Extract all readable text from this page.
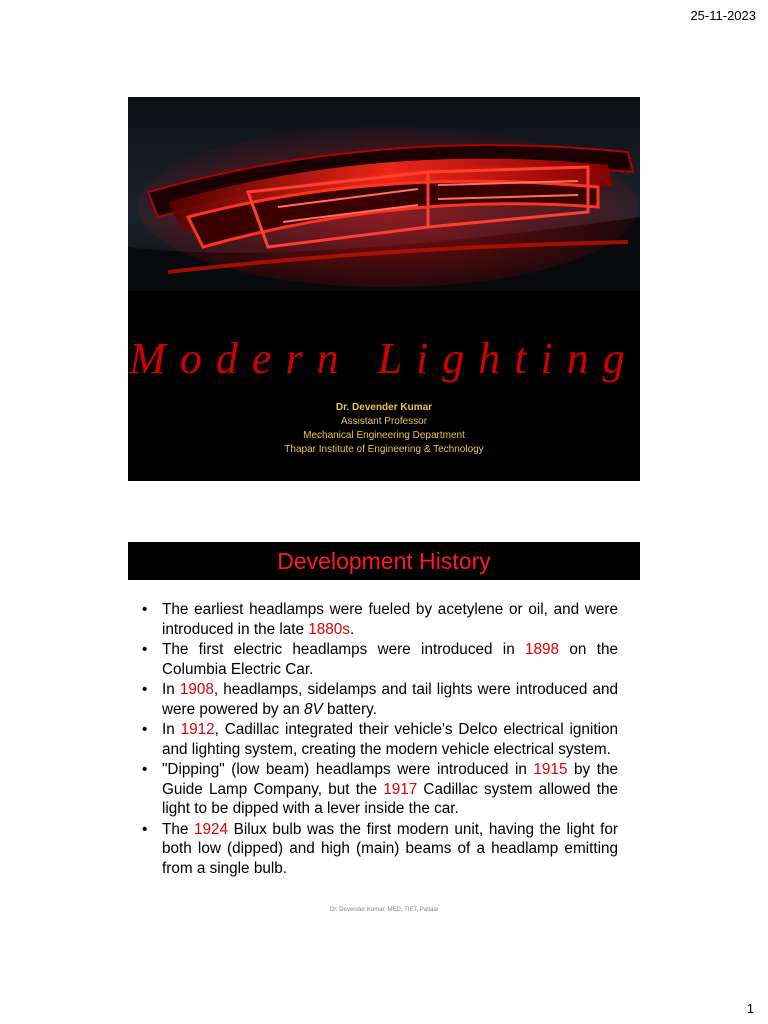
25-11-2023
Modern Lighting
Dr. Devender Kumar
Assistant Professor
Mechanical Engineering Department
Thapar Institute of Engineering & Technology
Development History
• The earliest headlamps were fueled by acetylene or oil, and were introduced in the late 1880s.
• The first electric headlamps were introduced in 1898 on the Columbia Electric Car.
• In 1908, headlamps, sidelamps and tail lights were introduced and were powered by an 8V battery.
• In 1912, Cadillac integrated their vehicle's Delco electrical ignition and lighting system, creating the modern vehicle electrical system.
• "Dipping" (low beam) headlamps were introduced in 1915 by the Guide Lamp Company, but the 1917 Cadillac system allowed the light to be dipped with a lever inside the car.
• The 1924 Bilux bulb was the first modern unit, having the light for both low (dipped) and high (main) beams of a headlamp emitting from a single bulb.
Dr. Devender Kumar, MED, TIET, Patiala
1
